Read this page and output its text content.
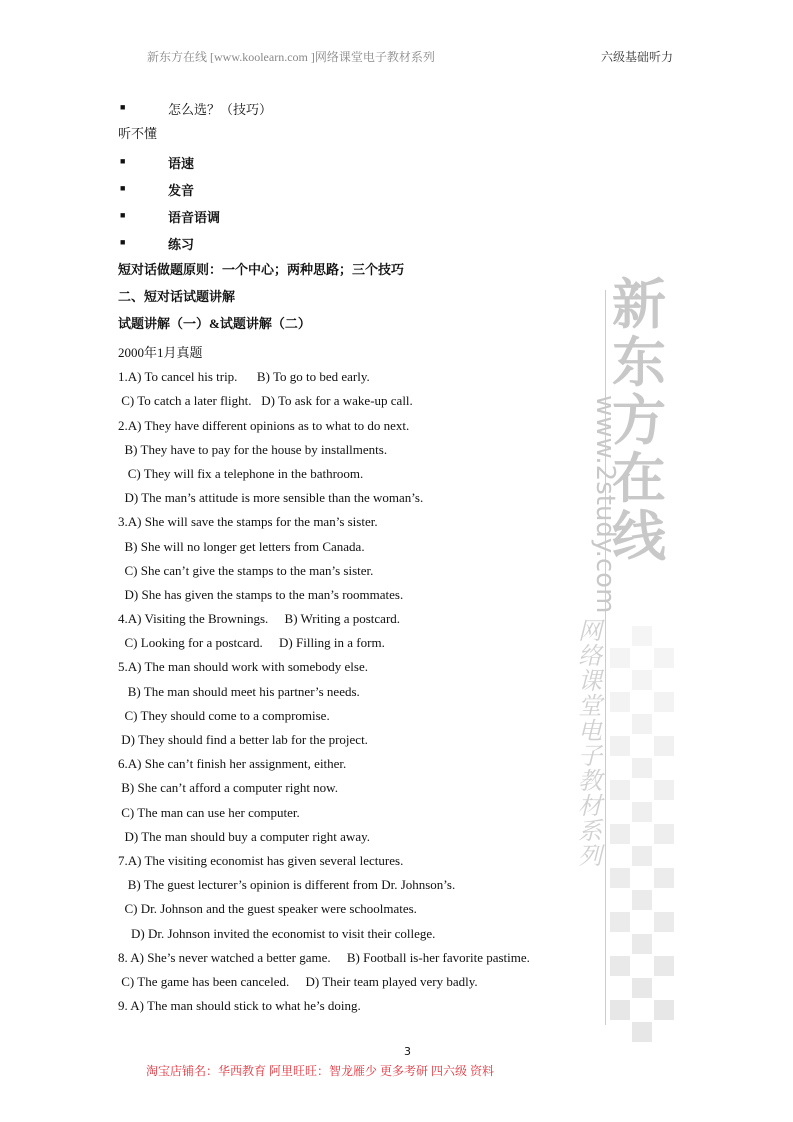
新东方在线 [www.koolearn.com ]网络课堂电子教材系列	六级基础听力
新东方在线
www.2study.com
网络课堂电子教材系列
■	怎么选？（技巧）
听不懂
■	语速
■	发音
■	语音语调
■	练习
短对话做题原则：一个中心；两种思路；三个技巧
二、短对话试题讲解
试题讲解（一）&试题讲解（二）
2000年1月真题
1.A) To cancel his trip.      B) To go to bed early.
C) To catch a later flight.   D) To ask for a wake-up call.
2.A) They have different opinions as to what to do next.
B) They have to pay for the house by installments.
C) They will fix a telephone in the bathroom.
D) The man’s attitude is more sensible than the woman’s.
3.A) She will save the stamps for the man’s sister.
B) She will no longer get letters from Canada.
C) She can’t give the stamps to the man’s sister.
D) She has given the stamps to the man’s roommates.
4.A) Visiting the Brownings.     B) Writing a postcard.
C) Looking for a postcard.     D) Filling in a form.
5.A) The man should work with somebody else.
B) The man should meet his partner’s needs.
C) They should come to a compromise.
D) They should find a better lab for the project.
6.A) She can’t finish her assignment, either.
B) She can’t afford a computer right now.
C) The man can use her computer.
D) The man should buy a computer right away.
7.A) The visiting economist has given several lectures.
B) The guest lecturer’s opinion is different from Dr. Johnson’s.
C) Dr. Johnson and the guest speaker were schoolmates.
D) Dr. Johnson invited the economist to visit their college.
8. A) She’s never watched a better game.     B) Football is-her favorite pastime.
C) The game has been canceled.     D) Their team played very badly.
9. A) The man should stick to what he’s doing.
3
淘宝店铺名：华西教育 阿里旺旺：智龙雁少 更多考研 四六级 资料
